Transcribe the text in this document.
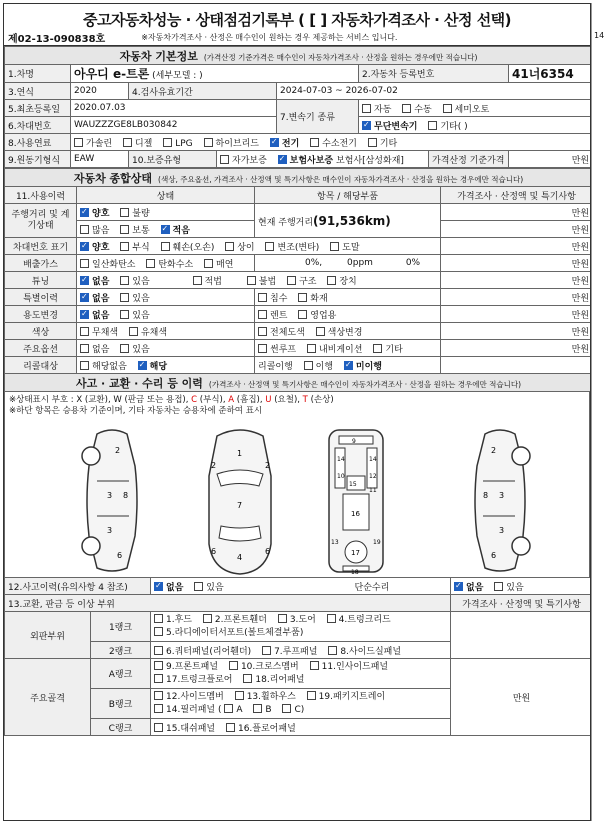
14
중고자동차성능 · 상태점검기록부 ( [ ] 자동차가격조사 · 산정 선택)
제02-13-090838호	※자동차가격조사 · 산정은 매수인이 원하는 경우 제공하는 서비스 입니다.
자동차 기본정보 (가격산정 기준가격은 매수인이 자동차가격조사 · 산정을 원하는 경우에만 적습니다)							
1.차명	아우디 e-트론 (세부모델 : )				2.자동차 등록번호		41너6354
3.연식	2020	4.검사유효기간		2024-07-03 ~ 2026-07-02			
5.최초등록일	2020.07.03			7.변속기 종류	자동 수동 세미오토		
6.차대번호	WAUZZZGE8LB030842	✓무단변속기 기타( )
8.사용연료	가솔린 디젤 LPG 하이브리드 ✓ 전기 수소전기 기타
9.원동기형식	EAW	10.보증유형	자가보증 ✓ 보험사보증 보험사[삼성화재]			가격산정 기준가격	만원
자동차 종합상태 (색상, 주요옵션, 가격조사 · 산정액 및 특기사항은 매수인이 자동차가격조사 · 산정을 원하는 경우에만 적습니다)			
11.사용이력	상태	항목 / 해당부품	가격조사 · 산정액 및 특기사항
주행거리 및 계기상태	✓양호 불량	현재 주행거리(91,536km)	만원
	많음 보통 ✓ 적음		만원
차대번호 표기	✓양호 부식 훼손(오손) 상이 변조(변타) 도말		만원
배출가스	일산화탄소 탄화수소 매연	0%, 0ppm 0%	만원
튜닝	✓없음 있음 적법 불법 구조 장치		만원
특별이력	✓없음 있음	침수 화재	만원
용도변경	✓없음 있음	렌트 영업용	만원
색상	무채색 유채색	전체도색 색상변경	만원
주요옵션	없음 있음	썬루프 내비게이션 기타	만원
리콜대상	해당없음 ✓ 해당	리콜이행 이행 ✓ 미이행	
사고 · 교환 · 수리 등 이력 (가격조사 · 산정액 및 특기사항은 매수인이 자동차가격조사 · 산정을 원하는 경우에만 적습니다)			
※상태표시 부호 : X (교환), W (판금 또는 용접), C (부식), A (흠집), U (요철), T (손상)
※하단 항목은 승용차 기준이며, 기타 자동차는 승용차에 준하여 표시
2
3
3
8
6
1
2	2
7
4
6	6
9
14	14
10	12
15
16
13	19
17
18
11
2
3
3
8
6
12.사고이력(유의사항 4 참조)	✓없음 있음 단순수리	✓없음 있음
13.교환, 판금 등 이상 부위			가격조사 · 산정액 및 특기사항
외판부위	1랭크	1.후드 2.프론트휀더 3.도어 4.트렁크리드
5.라디에이터서포트(볼트체결부품)	

	2랭크	6.쿼터패널(리어휀더) 7.루프패널 8.사이드실패널	
주요골격	A랭크	9.프론트패널 10.크로스멤버 11.인사이드패널
17.트렁크플로어 18.리어패널	만원
	B랭크	12.사이드멤버 13.휠하우스 19.패키지트레이
14.필러패널 ( A B C)	

	C랭크	15.대쉬패널 16.플로어패널	
